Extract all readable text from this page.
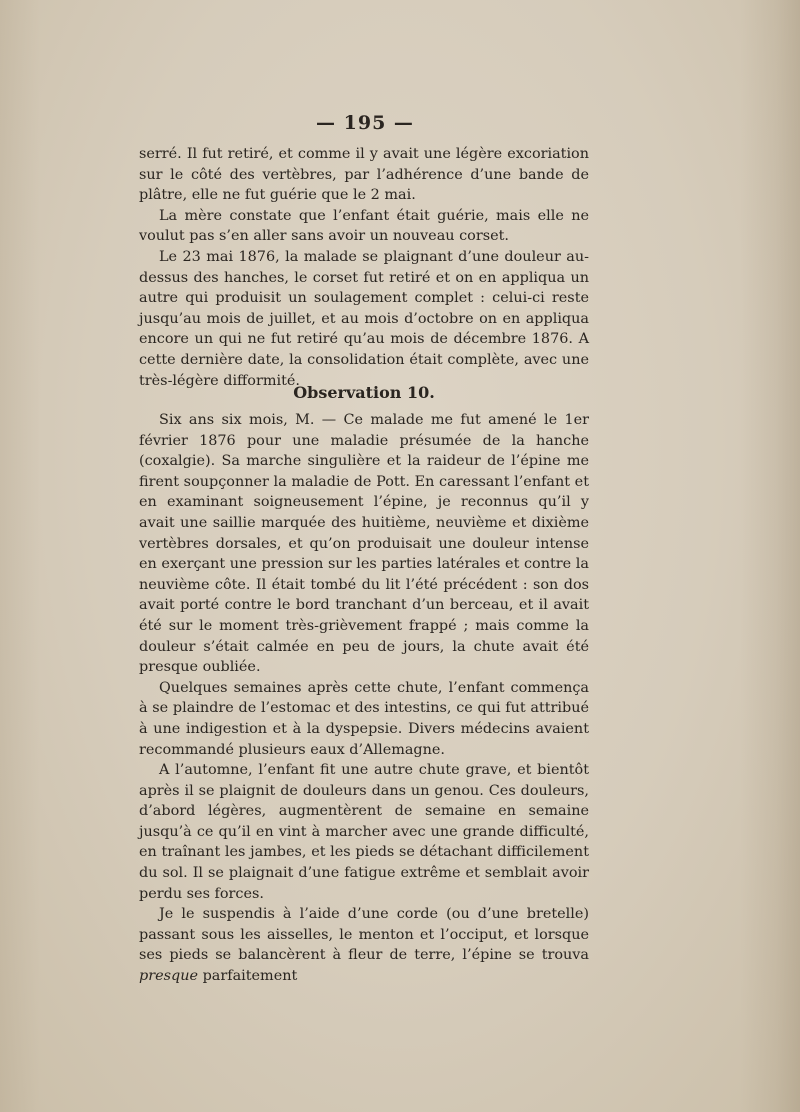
— 195 —

serré. Il fut retiré, et comme il y avait une légère excoriation sur le côté des vertèbres, par l’adhérence d’une bande de plâtre, elle ne fut guérie que le 2 mai.

La mère constate que l’enfant était guérie, mais elle ne voulut pas s’en aller sans avoir un nouveau corset.

Le 23 mai 1876, la malade se plaignant d’une douleur au-dessus des hanches, le corset fut retiré et on en appliqua un autre qui produisit un soulagement complet : celui-ci reste jusqu’au mois de juillet, et au mois d’octobre on en appliqua encore un qui ne fut retiré qu’au mois de décembre 1876. A cette dernière date, la consolidation était complète, avec une très-légère difformité.

Observation 10.

Six ans six mois, M. — Ce malade me fut amené le 1er février 1876 pour une maladie présumée de la hanche (coxalgie). Sa marche singulière et la raideur de l’épine me firent soupçonner la maladie de Pott. En caressant l’enfant et en examinant soigneusement l’épine, je reconnus qu’il y avait une saillie marquée des huitième, neuvième et dixième vertèbres dorsales, et qu’on produisait une douleur intense en exerçant une pression sur les parties latérales et contre la neuvième côte. Il était tombé du lit l’été précédent : son dos avait porté contre le bord tranchant d’un berceau, et il avait été sur le moment très-grièvement frappé ; mais comme la douleur s’était calmée en peu de jours, la chute avait été presque oubliée.

Quelques semaines après cette chute, l’enfant commença à se plaindre de l’estomac et des intestins, ce qui fut attribué à une indigestion et à la dyspepsie. Divers médecins avaient recommandé plusieurs eaux d’Allemagne.

A l’automne, l’enfant fit une autre chute grave, et bientôt après il se plaignit de douleurs dans un genou. Ces douleurs, d’abord légères, augmentèrent de semaine en semaine jusqu’à ce qu’il en vint à marcher avec une grande difficulté, en traînant les jambes, et les pieds se détachant difficilement du sol. Il se plaignait d’une fatigue extrême et semblait avoir perdu ses forces.

Je le suspendis à l’aide d’une corde (ou d’une bretelle) passant sous les aisselles, le menton et l’occiput, et lorsque ses pieds se balancèrent à fleur de terre, l’épine se trouva presque parfaitement
